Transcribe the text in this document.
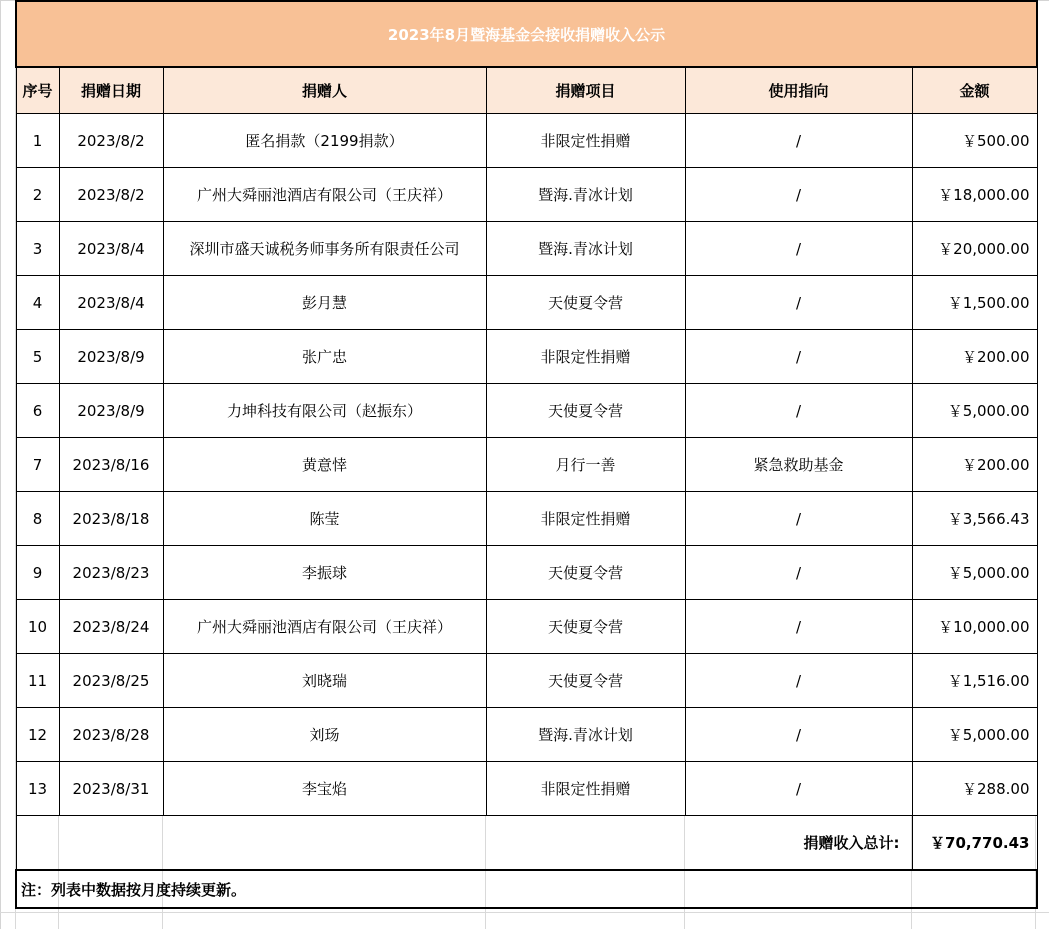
2023年8月暨海基金会接收捐赠收入公示					
序号	捐赠日期	捐赠人	捐赠项目	使用指向	金额
1	2023/8/2	匿名捐款（2199捐款）	非限定性捐赠	/	￥500.00
2	2023/8/2	广州大舜丽池酒店有限公司（王庆祥）	暨海.青冰计划	/	￥18,000.00
3	2023/8/4	深圳市盛天诚税务师事务所有限责任公司	暨海.青冰计划	/	￥20,000.00
4	2023/8/4	彭月慧	天使夏令营	/	￥1,500.00
5	2023/8/9	张广忠	非限定性捐赠	/	￥200.00
6	2023/8/9	力坤科技有限公司（赵振东）	天使夏令营	/	￥5,000.00
7	2023/8/16	黄意悻	月行一善	紧急救助基金	￥200.00
8	2023/8/18	陈莹	非限定性捐赠	/	￥3,566.43
9	2023/8/23	李振球	天使夏令营	/	￥5,000.00
10	2023/8/24	广州大舜丽池酒店有限公司（王庆祥）	天使夏令营	/	￥10,000.00
11	2023/8/25	刘晓瑞	天使夏令营	/	￥1,516.00
12	2023/8/28	刘玚	暨海.青冰计划	/	￥5,000.00
13	2023/8/31	李宝焰	非限定性捐赠	/	￥288.00
捐赠收入总计:					￥70,770.43
注：列表中数据按月度持续更新。					
